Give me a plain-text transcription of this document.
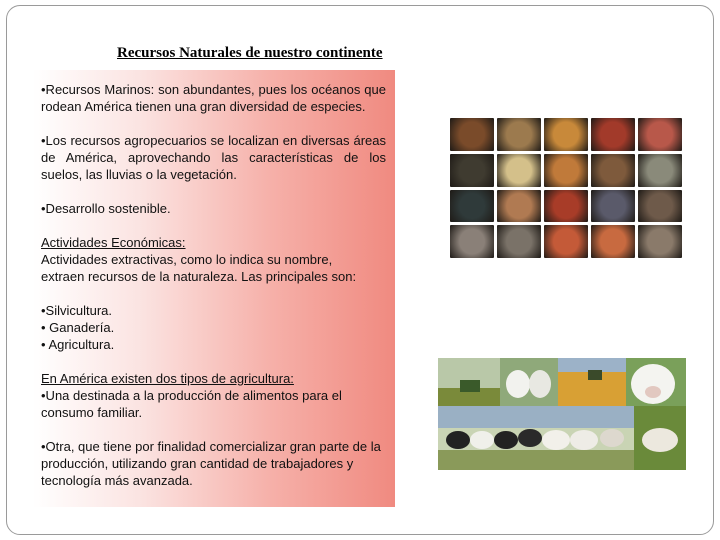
Recursos Naturales de nuestro continente

•Recursos Marinos: son abundantes, pues los océanos que rodean América tienen una gran diversidad de especies.

•Los recursos agropecuarios se localizan en diversas áreas de América, aprovechando las características de los suelos, las lluvias o la vegetación.

•Desarrollo sostenible.

Actividades Económicas:

Actividades extractivas, como lo indica su nombre,

extraen recursos de la naturaleza. Las principales son:

•Silvicultura.

• Ganadería.

• Agricultura.

En América existen dos tipos de agricultura:

•Una destinada a la producción de alimentos para el consumo familiar.

•Otra, que tiene por finalidad comercializar gran parte de la producción, utilizando gran cantidad de trabajadores y tecnología más avanzada.
